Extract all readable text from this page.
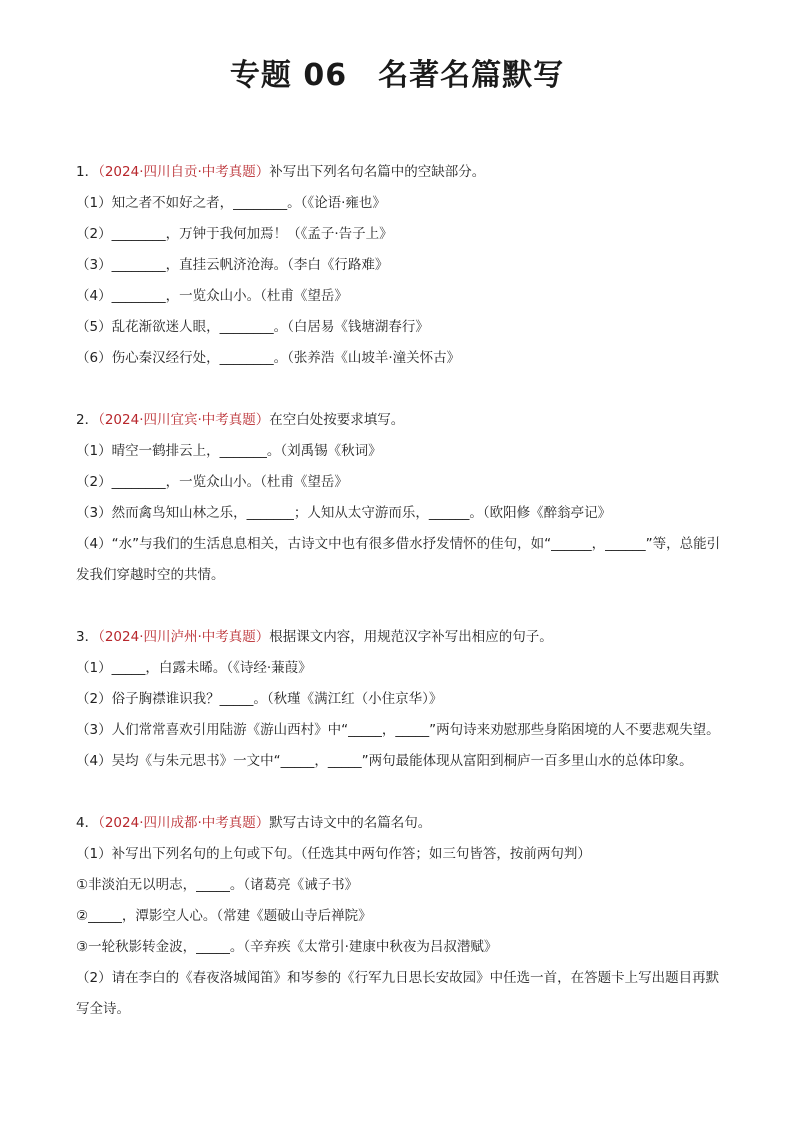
专题 06　名著名篇默写
1．（2024·四川自贡·中考真题）补写出下列名句名篇中的空缺部分。
（1）知之者不如好之者，________。（《论语·雍也》
（2）________，万钟于我何加焉！（《孟子·告子上》
（3）________，直挂云帆济沧海。（李白《行路难》
（4）________，一览众山小。（杜甫《望岳》
（5）乱花渐欲迷人眼，________。（白居易《钱塘湖春行》
（6）伤心秦汉经行处，________。（张养浩《山坡羊·潼关怀古》
2．（2024·四川宜宾·中考真题）在空白处按要求填写。
（1）晴空一鹤排云上，_______。（刘禹锡《秋词》
（2）________，一览众山小。（杜甫《望岳》
（3）然而禽鸟知山林之乐，_______；人知从太守游而乐，______。（欧阳修《醉翁亭记》
（4）“水”与我们的生活息息相关，古诗文中也有很多借水抒发情怀的佳句，如“______，______”等，总能引发我们穿越时空的共情。
3．（2024·四川泸州·中考真题）根据课文内容，用规范汉字补写出相应的句子。
（1）_____，白露未晞。（《诗经·蒹葭》
（2）俗子胸襟谁识我？_____。（秋瑾《满江红（小住京华）》
（3）人们常常喜欢引用陆游《游山西村》中“_____，_____”两句诗来劝慰那些身陷困境的人不要悲观失望。
（4）吴均《与朱元思书》一文中“_____，_____”两句最能体现从富阳到桐庐一百多里山水的总体印象。
4．（2024·四川成都·中考真题）默写古诗文中的名篇名句。
（1）补写出下列名句的上句或下句。（任选其中两句作答；如三句皆答，按前两句判）
①非淡泊无以明志，_____。（诸葛亮《诫子书》
②_____，潭影空人心。（常建《题破山寺后禅院》
③一轮秋影转金波，_____。（辛弃疾《太常引·建康中秋夜为吕叔潜赋》
（2）请在李白的《春夜洛城闻笛》和岑参的《行军九日思长安故园》中任选一首，在答题卡上写出题目再默写全诗。
